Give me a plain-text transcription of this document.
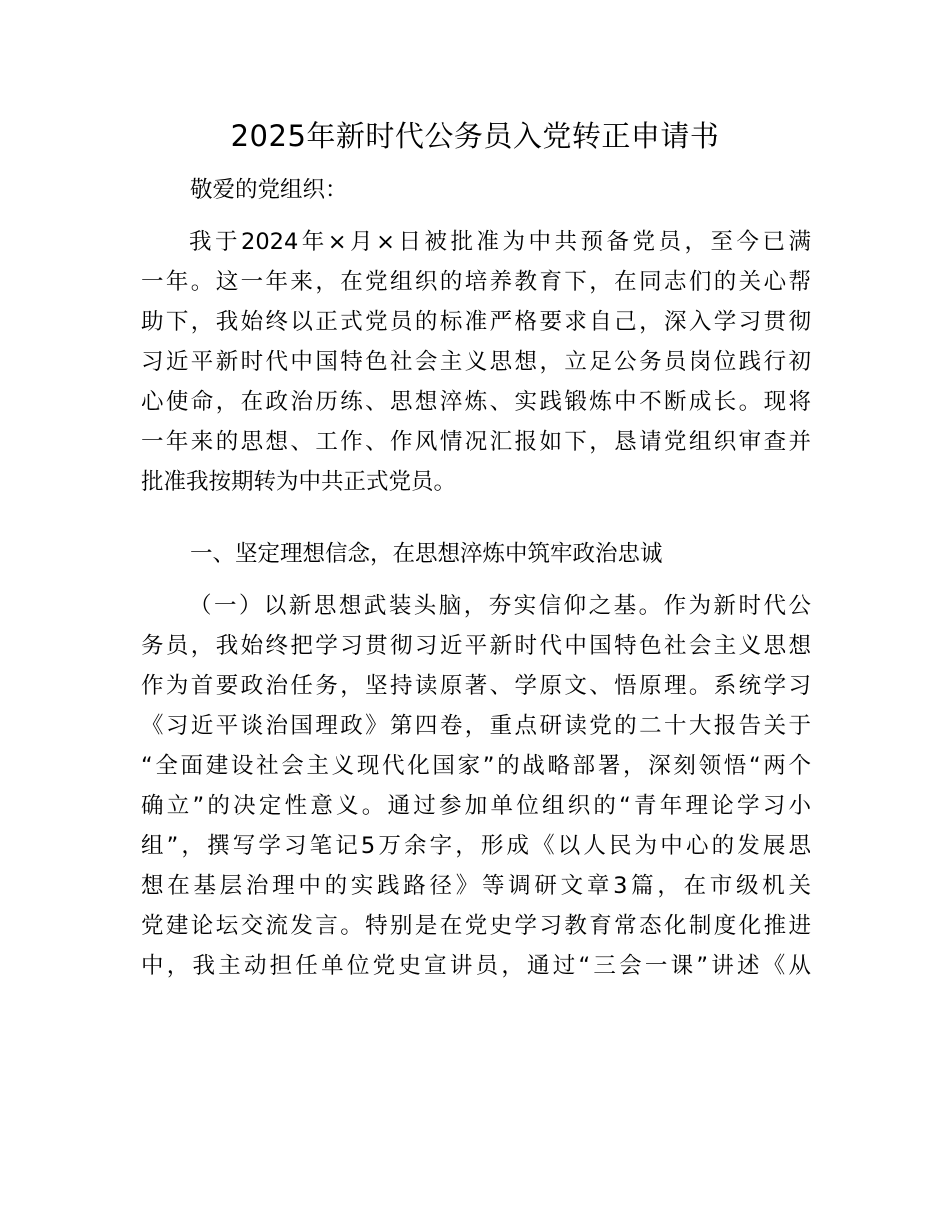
2025年新时代公务员入党转正申请书
敬爱的党组织：
我于2024年×月×日被批准为中共预备党员，至今已满
一年。这一年来，在党组织的培养教育下，在同志们的关心帮
助下，我始终以正式党员的标准严格要求自己，深入学习贯彻
习近平新时代中国特色社会主义思想，立足公务员岗位践行初
心使命，在政治历练、思想淬炼、实践锻炼中不断成长。现将
一年来的思想、工作、作风情况汇报如下，恳请党组织审查并
批准我按期转为中共正式党员。
一、坚定理想信念，在思想淬炼中筑牢政治忠诚
（一）以新思想武装头脑，夯实信仰之基。作为新时代公
务员，我始终把学习贯彻习近平新时代中国特色社会主义思想
作为首要政治任务，坚持读原著、学原文、悟原理。系统学习
《习近平谈治国理政》第四卷，重点研读党的二十大报告关于
“全面建设社会主义现代化国家”的战略部署，深刻领悟“两个
确立”的决定性意义。通过参加单位组织的“青年理论学习小
组”，撰写学习笔记5万余字，形成《以人民为中心的发展思
想在基层治理中的实践路径》等调研文章3篇，在市级机关
党建论坛交流发言。特别是在党史学习教育常态化制度化推进
中，我主动担任单位党史宣讲员，通过“三会一课”讲述《从
